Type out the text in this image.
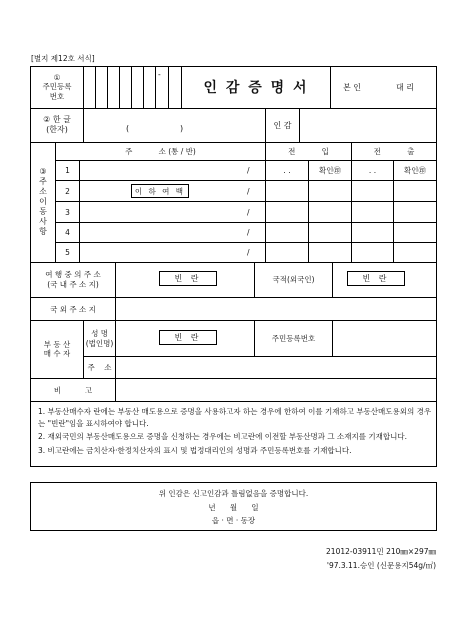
[별지 제12호 서식]
①
주민등록
번호
-
인 감 증 명 서	본 인	대 리
② 한 글
(한자)	(                    )	인 감
③
주
소
이
동
사
항
주           소 (통 / 반)	전           입	전           출
1	/	. .	확인㊞	. .	확인㊞
2	이 하 여 백	/
3	/
4	/
5	/
여 행 중 의 주 소
(국 내 주 소 지)
빈 란	국적(외국인)	빈 란
국 외 주 소 지
부 동 산
매 수 자
성 명
(법인명)
빈 란	주민등록번호
주    소
비          고

1. 부동산매수자 란에는 부동산 매도용으로 증명을 사용하고자 하는 경우에 한하여 이를 기재하고 부동산매도용외의 경우는 "빈란"임을 표시하여야 합니다.

2. 재외국민의 부동산매도용으로 증명을 신청하는 경우에는 비고란에 이전할 부동산명과 그 소재지를 기재합니다.

3. 비고란에는 금치산자·한정치산자의 표시 및 법정대리인의 성명과 주민등록번호를 기재합니다.

위 인감은 신고인감과 틀림없음을 증명합니다.
년      월      일
읍 · 면 · 동장
21012-03911민 210㎜×297㎜
'97.3.11.승인 (신문용지54g/㎡)
